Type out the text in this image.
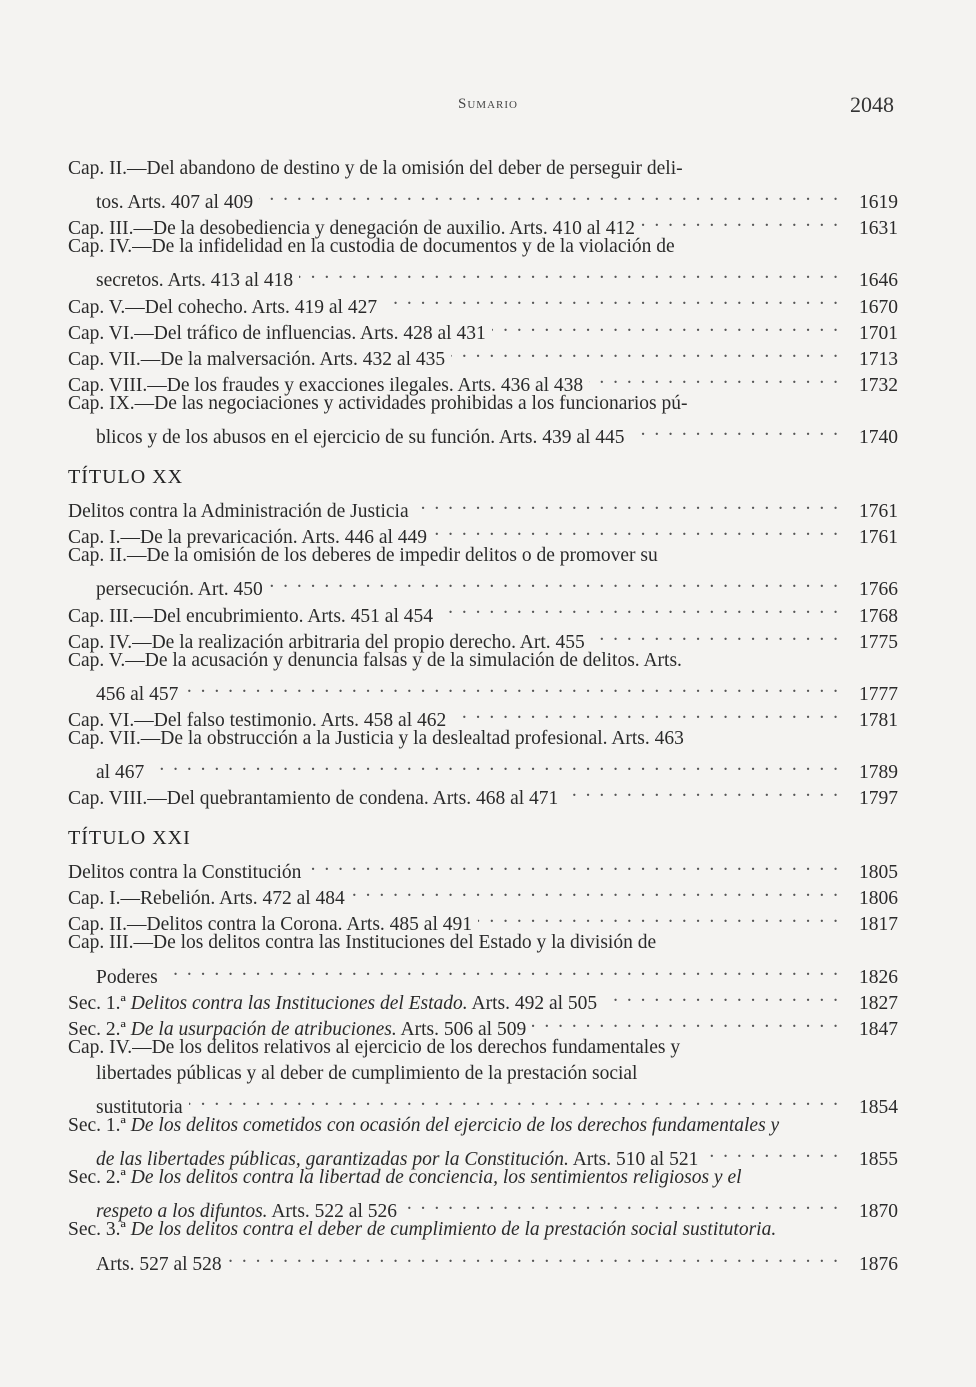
Sumario	2048
Cap. II.—Del abandono de destino y de la omisión del deber de perseguir deli-
tos. Arts. 407 al 409 . . .	1619
Cap. III.—De la desobediencia y denegación de auxilio. Arts. 410 al 412 . . .	1631
Cap. IV.—De la infidelidad en la custodia de documentos y de la violación de
secretos. Arts. 413 al 418 . . .	1646
Cap. V.—Del cohecho. Arts. 419 al 427 . . .	1670
Cap. VI.—Del tráfico de influencias. Arts. 428 al 431 . . .	1701
Cap. VII.—De la malversación. Arts. 432 al 435 . . .	1713
Cap. VIII.—De los fraudes y exacciones ilegales. Arts. 436 al 438 . . .	1732
Cap. IX.—De las negociaciones y actividades prohibidas a los funcionarios pú-
blicos y de los abusos en el ejercicio de su función. Arts. 439 al 445 . . .	1740
TÍTULO XX
Delitos contra la Administración de Justicia . . .	1761
Cap. I.—De la prevaricación. Arts. 446 al 449 . . .	1761
Cap. II.—De la omisión de los deberes de impedir delitos o de promover su
persecución. Art. 450 . . .	1766
Cap. III.—Del encubrimiento. Arts. 451 al 454 . . .	1768
Cap. IV.—De la realización arbitraria del propio derecho. Art. 455 . . .	1775
Cap. V.—De la acusación y denuncia falsas y de la simulación de delitos. Arts.
456 al 457 . . .	1777
Cap. VI.—Del falso testimonio. Arts. 458 al 462 . . .	1781
Cap. VII.—De la obstrucción a la Justicia y la deslealtad profesional. Arts. 463
al 467 . . .	1789
Cap. VIII.—Del quebrantamiento de condena. Arts. 468 al 471 . . .	1797
TÍTULO XXI
Delitos contra la Constitución . . .	1805
Cap. I.—Rebelión. Arts. 472 al 484 . . .	1806
Cap. II.—Delitos contra la Corona. Arts. 485 al 491 . . .	1817
Cap. III.—De los delitos contra las Instituciones del Estado y la división de
Poderes . . .	1826
Sec. 1.ª Delitos contra las Instituciones del Estado. Arts. 492 al 505 . . .	1827
Sec. 2.ª De la usurpación de atribuciones. Arts. 506 al 509 . . .	1847
Cap. IV.—De los delitos relativos al ejercicio de los derechos fundamentales y
libertades públicas y al deber de cumplimiento de la prestación social
sustitutoria . . .	1854
Sec. 1.ª De los delitos cometidos con ocasión del ejercicio de los derechos fundamentales y
de las libertades públicas, garantizadas por la Constitución. Arts. 510 al 521 . . .	1855
Sec. 2.ª De los delitos contra la libertad de conciencia, los sentimientos religiosos y el
respeto a los difuntos. Arts. 522 al 526 . . .	1870
Sec. 3.ª De los delitos contra el deber de cumplimiento de la prestación social sustitutoria.
Arts. 527 al 528 . . .	1876
